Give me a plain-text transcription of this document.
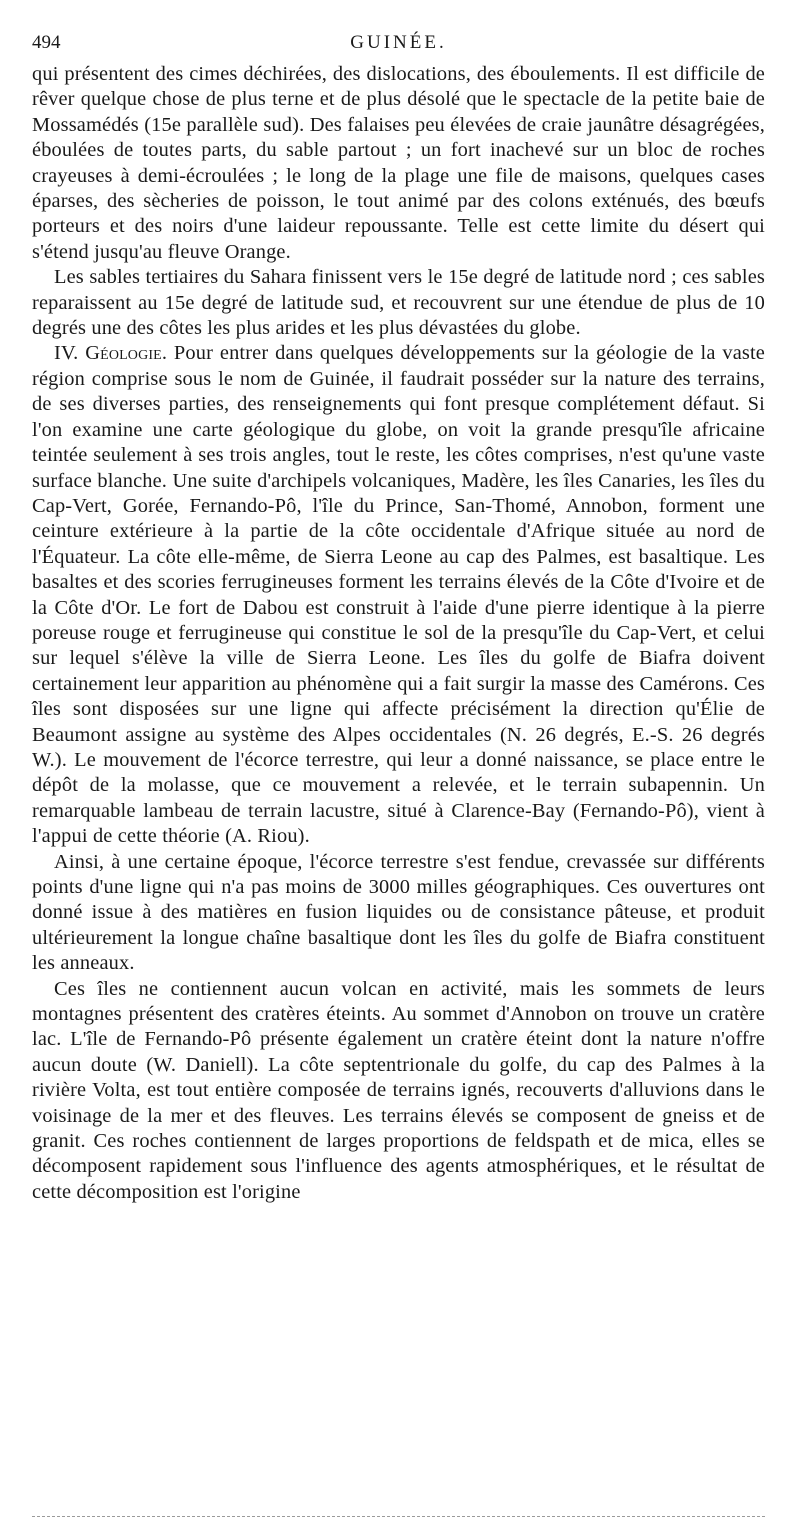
494	GUINÉE.

qui présentent des cimes déchirées, des dislocations, des éboulements. Il est difficile de rêver quelque chose de plus terne et de plus désolé que le spectacle de la petite baie de Mossamédés (15e parallèle sud). Des falaises peu élevées de craie jaunâtre désagrégées, éboulées de toutes parts, du sable partout ; un fort inachevé sur un bloc de roches crayeuses à demi-écroulées ; le long de la plage une file de maisons, quelques cases éparses, des sècheries de poisson, le tout animé par des colons exténués, des bœufs porteurs et des noirs d'une laideur repoussante. Telle est cette limite du désert qui s'étend jusqu'au fleuve Orange.

Les sables tertiaires du Sahara finissent vers le 15e degré de latitude nord ; ces sables reparaissent au 15e degré de latitude sud, et recouvrent sur une étendue de plus de 10 degrés une des côtes les plus arides et les plus dévastées du globe.

IV. Géologie. Pour entrer dans quelques développements sur la géologie de la vaste région comprise sous le nom de Guinée, il faudrait posséder sur la nature des terrains, de ses diverses parties, des renseignements qui font presque complétement défaut. Si l'on examine une carte géologique du globe, on voit la grande presqu'île africaine teintée seulement à ses trois angles, tout le reste, les côtes comprises, n'est qu'une vaste surface blanche. Une suite d'archipels volcaniques, Madère, les îles Canaries, les îles du Cap-Vert, Gorée, Fernando-Pô, l'île du Prince, San-Thomé, Annobon, forment une ceinture extérieure à la partie de la côte occidentale d'Afrique située au nord de l'Équateur. La côte elle-même, de Sierra Leone au cap des Palmes, est basaltique. Les basaltes et des scories ferrugineuses forment les terrains élevés de la Côte d'Ivoire et de la Côte d'Or. Le fort de Dabou est construit à l'aide d'une pierre identique à la pierre poreuse rouge et ferrugineuse qui constitue le sol de la presqu'île du Cap-Vert, et celui sur lequel s'élève la ville de Sierra Leone. Les îles du golfe de Biafra doivent certainement leur apparition au phénomène qui a fait surgir la masse des Camérons. Ces îles sont disposées sur une ligne qui affecte précisément la direction qu'Élie de Beaumont assigne au système des Alpes occidentales (N. 26 degrés, E.-S. 26 degrés W.). Le mouvement de l'écorce terrestre, qui leur a donné naissance, se place entre le dépôt de la molasse, que ce mouvement a relevée, et le terrain subapennin. Un remarquable lambeau de terrain lacustre, situé à Clarence-Bay (Fernando-Pô), vient à l'appui de cette théorie (A. Riou).

Ainsi, à une certaine époque, l'écorce terrestre s'est fendue, crevassée sur différents points d'une ligne qui n'a pas moins de 3000 milles géographiques. Ces ouvertures ont donné issue à des matières en fusion liquides ou de consistance pâteuse, et produit ultérieurement la longue chaîne basaltique dont les îles du golfe de Biafra constituent les anneaux.

Ces îles ne contiennent aucun volcan en activité, mais les sommets de leurs montagnes présentent des cratères éteints. Au sommet d'Annobon on trouve un cratère lac. L'île de Fernando-Pô présente également un cratère éteint dont la nature n'offre aucun doute (W. Daniell). La côte septentrionale du golfe, du cap des Palmes à la rivière Volta, est tout entière composée de terrains ignés, recouverts d'alluvions dans le voisinage de la mer et des fleuves. Les terrains élevés se composent de gneiss et de granit. Ces roches contiennent de larges proportions de feldspath et de mica, elles se décomposent rapidement sous l'influence des agents atmosphériques, et le résultat de cette décomposition est l'origine
